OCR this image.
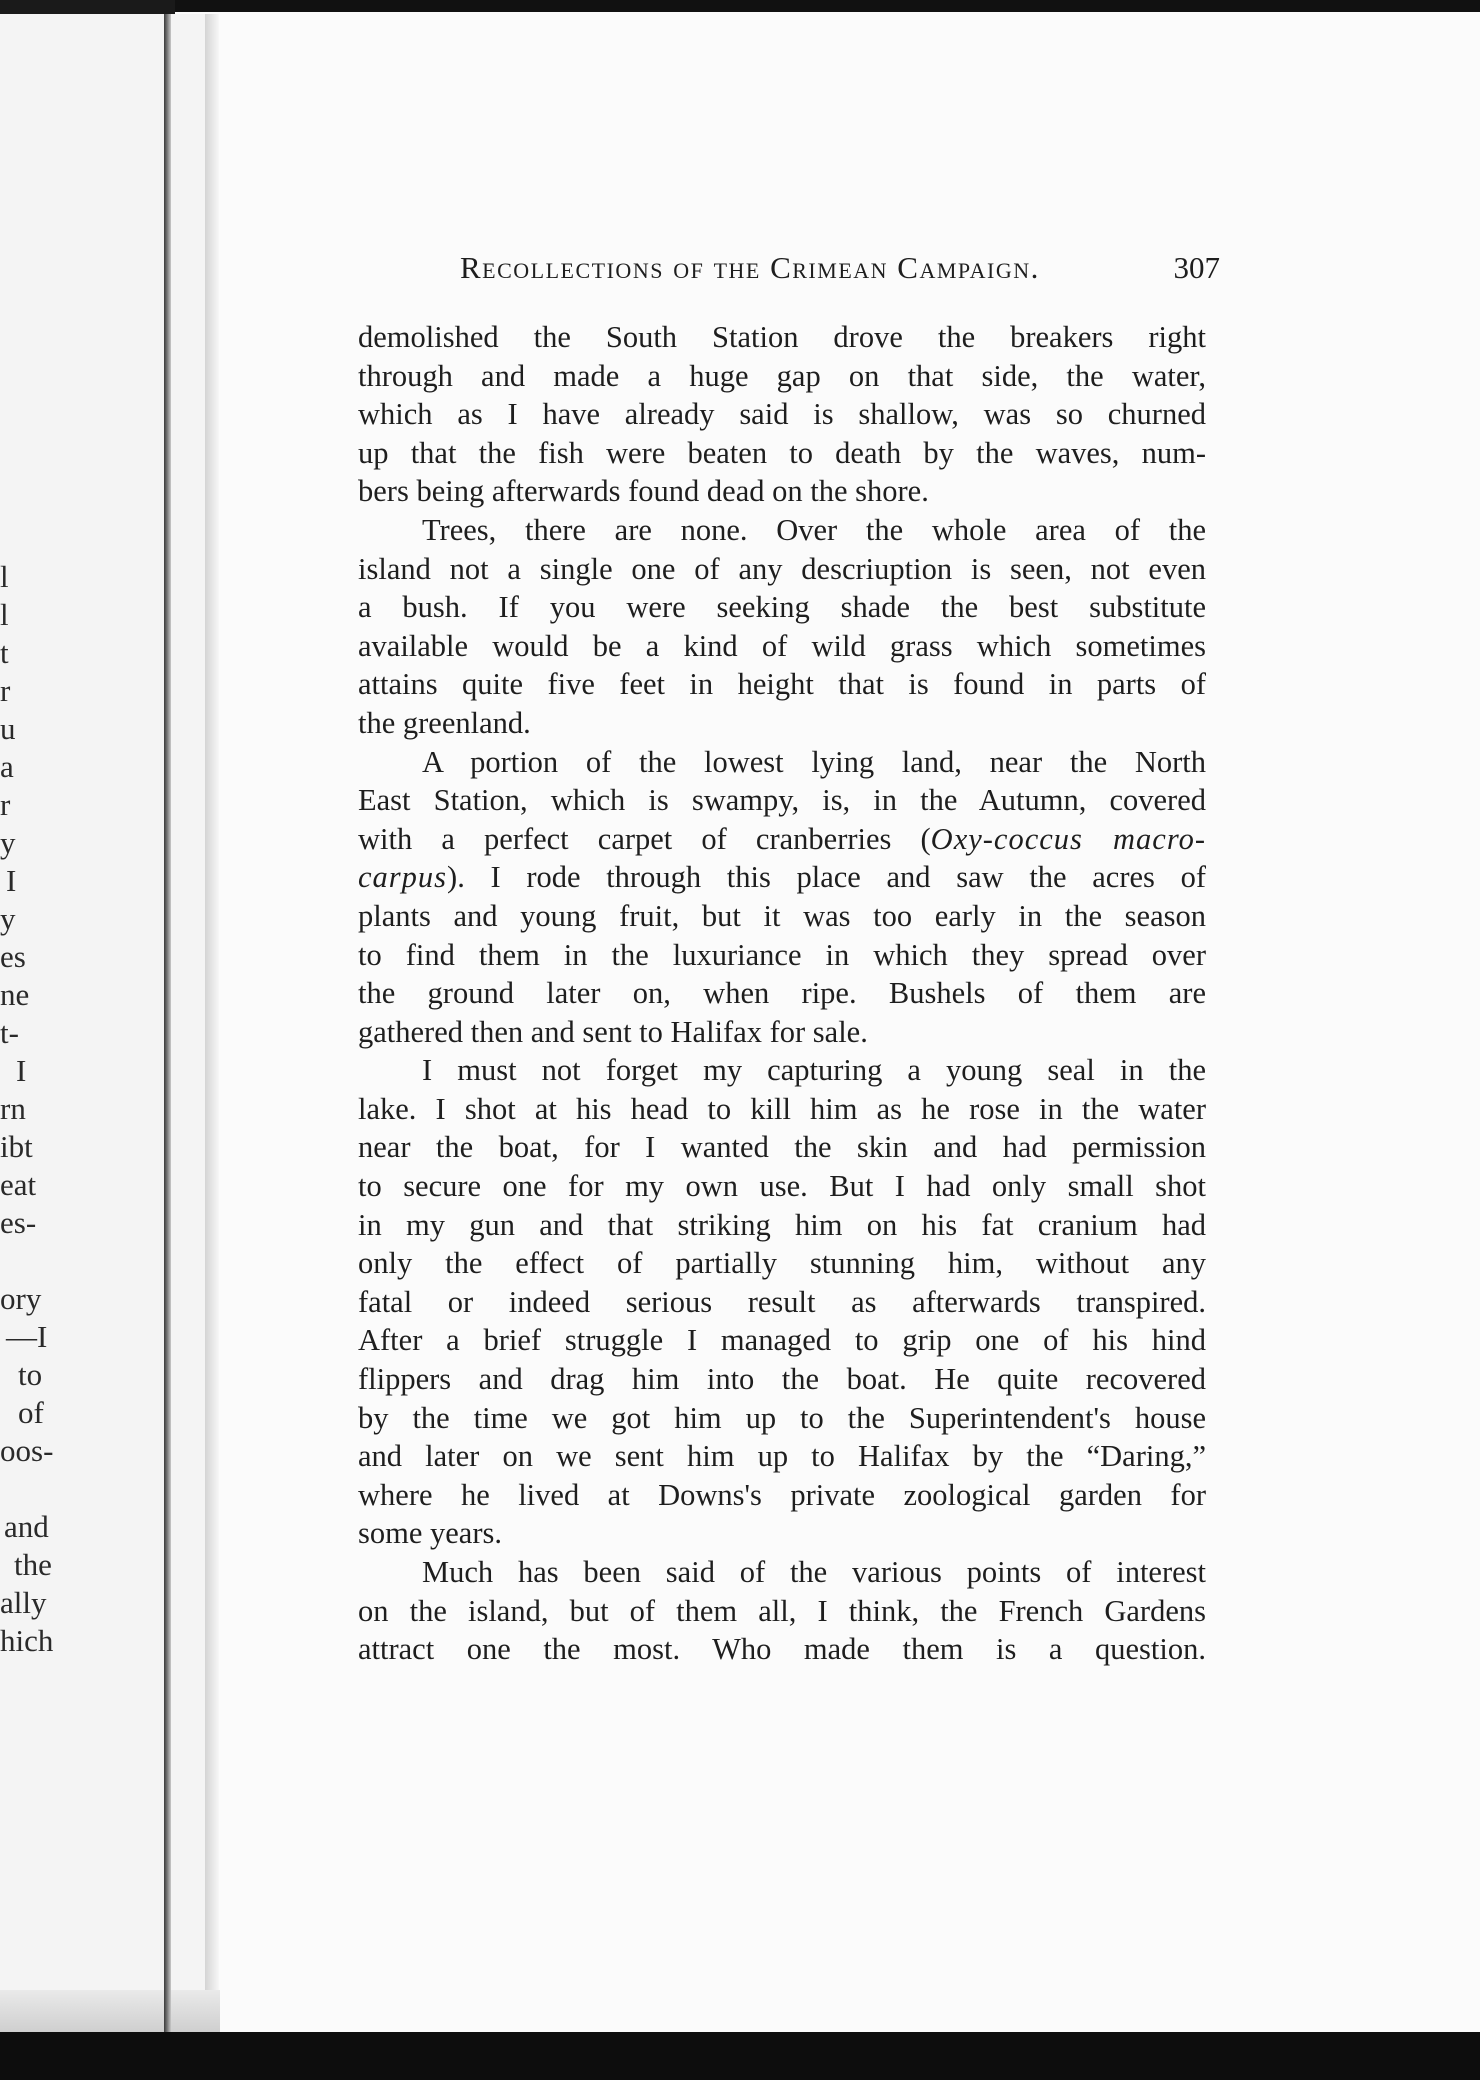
l
l
t
r
u
a
r
y
I
y
es
ne
t-
I
rn
ibt
eat
es-
ory
—I
to
of
oos-
and
the
ally
hich
Recollections of the Crimean Campaign.	307
demolished the South Station drove the breakers right
through and made a huge gap on that side, the water,
which as I have already said is shallow, was so churned
up that the fish were beaten to death by the waves, num-
bers being afterwards found dead on the shore.
Trees, there are none. Over the whole area of the
island not a single one of any descriuption is seen, not even
a bush. If you were seeking shade the best substitute
available would be a kind of wild grass which sometimes
attains quite five feet in height that is found in parts of
the greenland.
A portion of the lowest lying land, near the North
East Station, which is swampy, is, in the Autumn, covered
with a perfect carpet of cranberries (Oxy-coccus macro-
carpus). I rode through this place and saw the acres of
plants and young fruit, but it was too early in the season
to find them in the luxuriance in which they spread over
the ground later on, when ripe. Bushels of them are
gathered then and sent to Halifax for sale.
I must not forget my capturing a young seal in the
lake. I shot at his head to kill him as he rose in the water
near the boat, for I wanted the skin and had permission
to secure one for my own use. But I had only small shot
in my gun and that striking him on his fat cranium had
only the effect of partially stunning him, without any
fatal or indeed serious result as afterwards transpired.
After a brief struggle I managed to grip one of his hind
flippers and drag him into the boat. He quite recovered
by the time we got him up to the Superintendent's house
and later on we sent him up to Halifax by the “Daring,”
where he lived at Downs's private zoological garden for
some years.
Much has been said of the various points of interest
on the island, but of them all, I think, the French Gardens
attract one the most. Who made them is a question.
